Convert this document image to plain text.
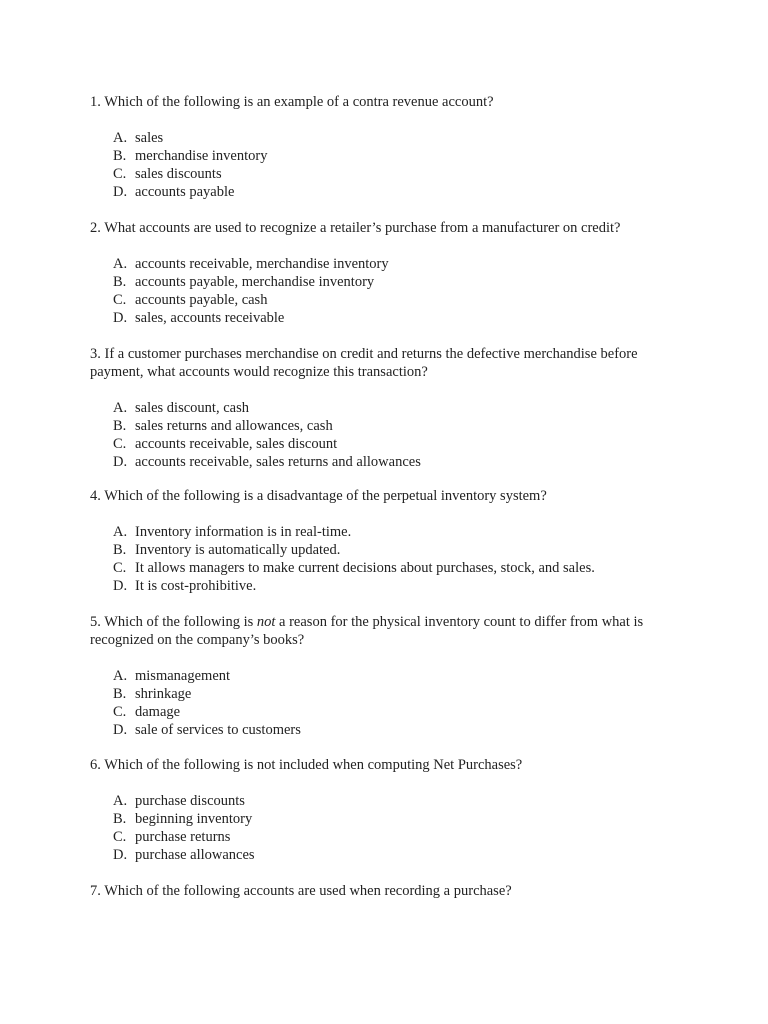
1. Which of the following is an example of a contra revenue account?

A. sales
B. merchandise inventory
C. sales discounts
D. accounts payable

2. What accounts are used to recognize a retailer’s purchase from a manufacturer on credit?

A. accounts receivable, merchandise inventory
B. accounts payable, merchandise inventory
C. accounts payable, cash
D. sales, accounts receivable

3. If a customer purchases merchandise on credit and returns the defective merchandise before
payment, what accounts would recognize this transaction?

A. sales discount, cash
B. sales returns and allowances, cash
C. accounts receivable, sales discount
D. accounts receivable, sales returns and allowances

4. Which of the following is a disadvantage of the perpetual inventory system?

A. Inventory information is in real-time.
B. Inventory is automatically updated.
C. It allows managers to make current decisions about purchases, stock, and sales.
D. It is cost-prohibitive.

5. Which of the following is not a reason for the physical inventory count to differ from what is
recognized on the company’s books?

A. mismanagement
B. shrinkage
C. damage
D. sale of services to customers

6. Which of the following is not included when computing Net Purchases?

A. purchase discounts
B. beginning inventory
C. purchase returns
D. purchase allowances

7. Which of the following accounts are used when recording a purchase?
